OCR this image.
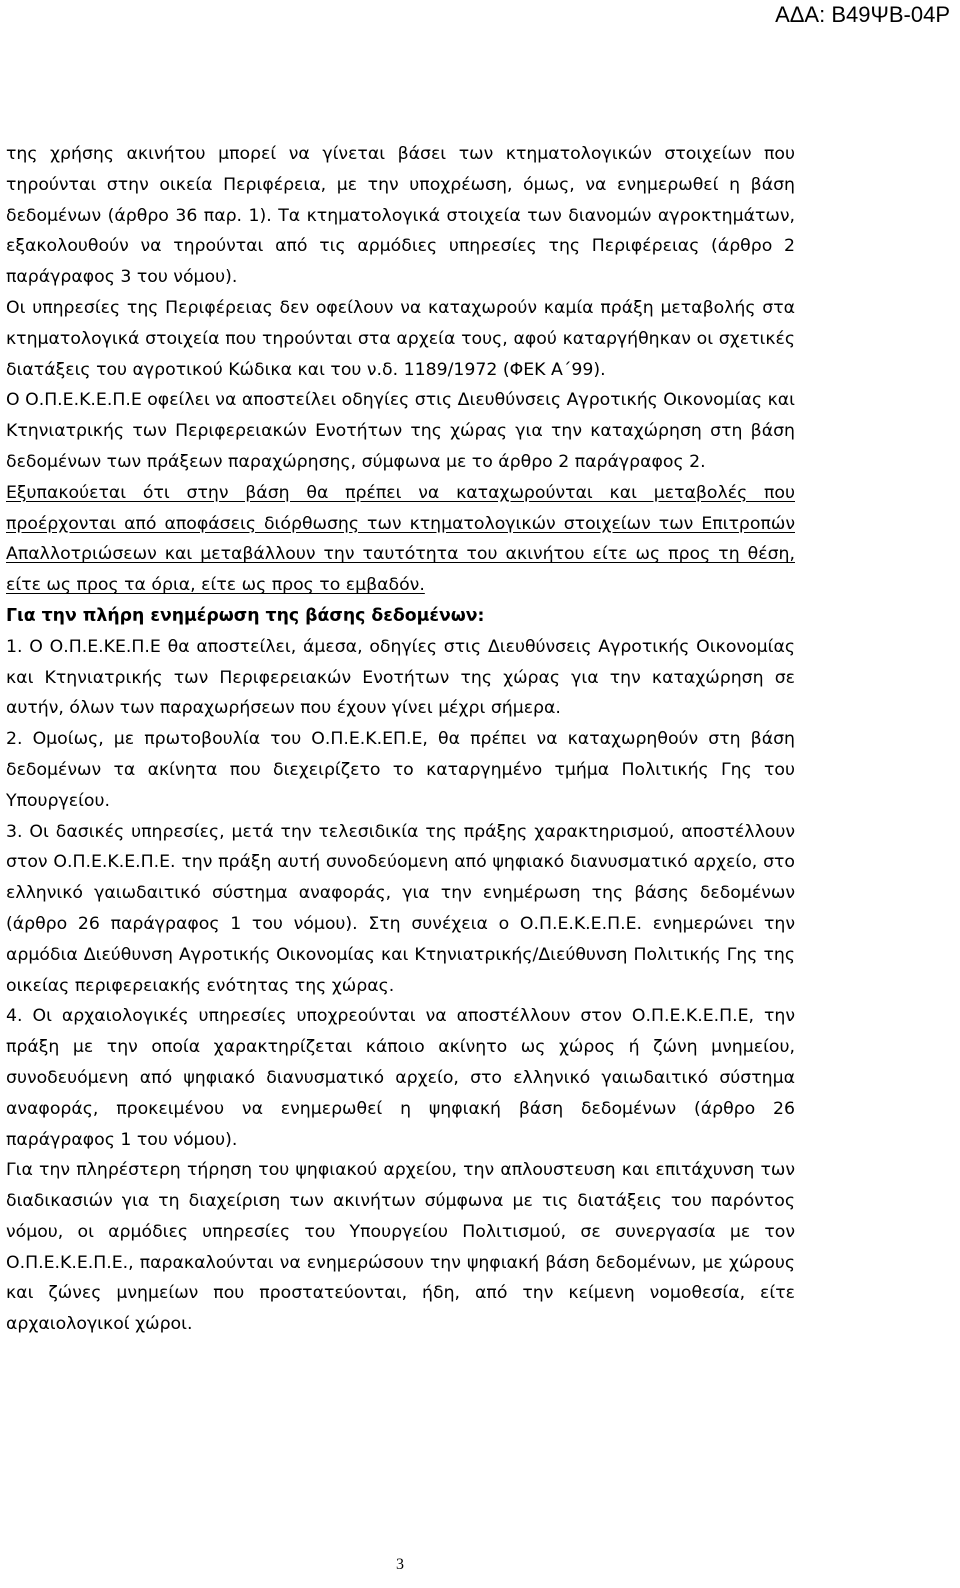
ΑΔΑ: Β49ΨΒ-04Ρ

της χρήσης ακινήτου μπορεί να γίνεται βάσει των κτηματολογικών στοιχείων που τηρούνται στην οικεία Περιφέρεια, με την υποχρέωση, όμως, να ενημερωθεί η βάση δεδομένων (άρθρο 36 παρ. 1). Τα κτηματολογικά στοιχεία των διανομών αγροκτημάτων, εξακολουθούν να τηρούνται από τις αρμόδιες υπηρεσίες της Περιφέρειας (άρθρο 2 παράγραφος 3 του νόμου).

Οι υπηρεσίες της Περιφέρειας δεν οφείλουν να καταχωρούν καμία πράξη μεταβολής στα κτηματολογικά στοιχεία που τηρούνται στα αρχεία τους, αφού καταργήθηκαν οι σχετικές διατάξεις του αγροτικού Κώδικα και του ν.δ. 1189/1972 (ΦΕΚ Α΄99).

Ο Ο.Π.Ε.Κ.Ε.Π.Ε οφείλει να αποστείλει οδηγίες στις Διευθύνσεις Αγροτικής Οικονομίας και Κτηνιατρικής των Περιφερειακών Ενοτήτων της χώρας για την καταχώρηση στη βάση δεδομένων των πράξεων παραχώρησης, σύμφωνα με το άρθρο 2 παράγραφος 2.

Εξυπακούεται ότι στην βάση θα πρέπει να καταχωρούνται και μεταβολές που προέρχονται από αποφάσεις διόρθωσης των κτηματολογικών στοιχείων των Επιτροπών Απαλλοτριώσεων και μεταβάλλουν την ταυτότητα του ακινήτου είτε ως προς τη θέση, είτε ως προς τα όρια, είτε ως προς το εμβαδόν.

Για την πλήρη ενημέρωση της βάσης δεδομένων:

1. Ο Ο.Π.Ε.ΚΕ.Π.Ε θα αποστείλει, άμεσα, οδηγίες στις Διευθύνσεις Αγροτικής Οικονομίας και Κτηνιατρικής των Περιφερειακών Ενοτήτων της χώρας για την καταχώρηση σε αυτήν, όλων των παραχωρήσεων που έχουν γίνει μέχρι σήμερα.

2. Ομοίως, με πρωτοβουλία του Ο.Π.Ε.Κ.ΕΠ.Ε, θα πρέπει να καταχωρηθούν στη βάση δεδομένων τα ακίνητα που διεχειρίζετο το καταργημένο τμήμα Πολιτικής Γης του Υπουργείου.

3. Οι δασικές υπηρεσίες, μετά την τελεσιδικία της πράξης χαρακτηρισμού, αποστέλλουν στον Ο.Π.Ε.Κ.Ε.Π.Ε. την πράξη αυτή συνοδεύομενη από ψηφιακό διανυσματικό αρχείο, στο ελληνικό γαιωδαιτικό σύστημα αναφοράς, για την ενημέρωση της βάσης δεδομένων (άρθρο 26 παράγραφος 1 του νόμου). Στη συνέχεια ο Ο.Π.Ε.Κ.Ε.Π.Ε. ενημερώνει την αρμόδια Διεύθυνση Αγροτικής Οικονομίας και Κτηνιατρικής/Διεύθυνση Πολιτικής Γης της οικείας περιφερειακής ενότητας της χώρας.

4. Οι αρχαιολογικές υπηρεσίες υποχρεούνται να αποστέλλουν στον Ο.Π.Ε.Κ.Ε.Π.Ε, την πράξη με την οποία χαρακτηρίζεται κάποιο ακίνητο ως χώρος ή ζώνη μνημείου, συνοδευόμενη από ψηφιακό διανυσματικό αρχείο, στο ελληνικό γαιωδαιτικό σύστημα αναφοράς, προκειμένου να ενημερωθεί η ψηφιακή βάση δεδομένων (άρθρο 26 παράγραφος 1 του νόμου).

Για την πληρέστερη τήρηση του ψηφιακού αρχείου, την απλουστευση και επιτάχυνση των διαδικασιών για τη διαχείριση των ακινήτων σύμφωνα με τις διατάξεις του παρόντος νόμου, οι αρμόδιες υπηρεσίες του Υπουργείου Πολιτισμού, σε συνεργασία με τον Ο.Π.Ε.Κ.Ε.Π.Ε., παρακαλούνται να ενημερώσουν την ψηφιακή βάση δεδομένων, με χώρους και ζώνες μνημείων που προστατεύονται, ήδη, από την κείμενη νομοθεσία, είτε αρχαιολογικοί χώροι.

3
